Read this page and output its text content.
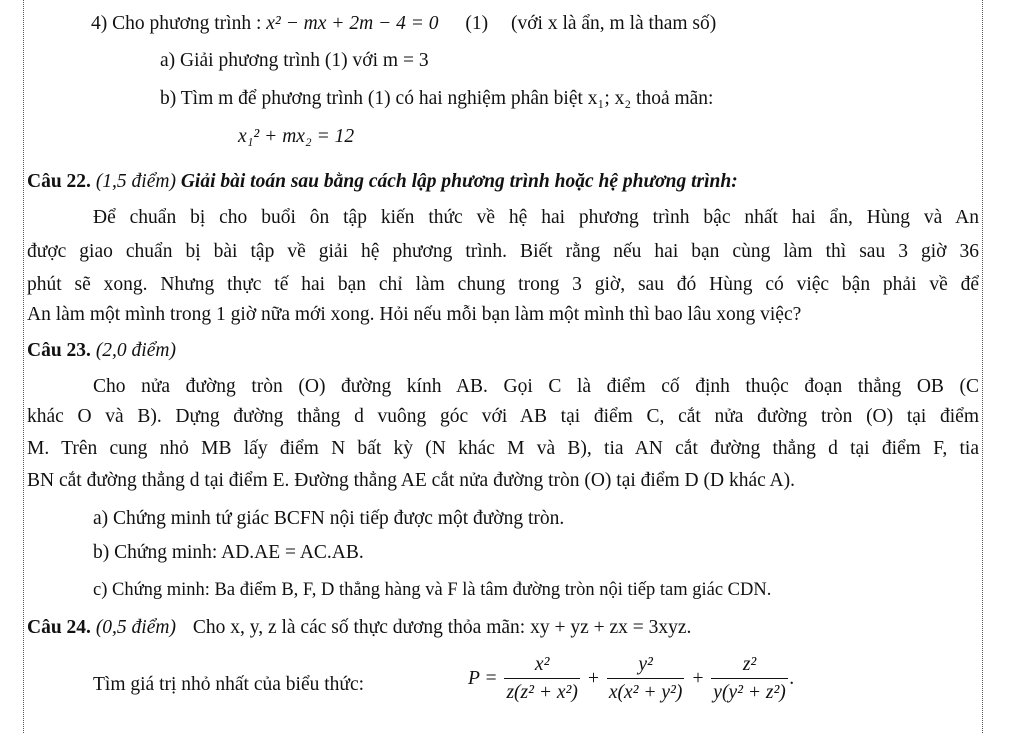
4) Cho phương trình : x² − mx + 2m − 4 = 0 (1) (với x là ẩn, m là tham số)
a) Giải phương trình (1) với m = 3
b) Tìm m để phương trình (1) có hai nghiệm phân biệt x₁; x₂ thoả mãn:
x₁² + mx₂ = 12
Câu 22. (1,5 điểm) Giải bài toán sau bằng cách lập phương trình hoặc hệ phương trình:
Để chuẩn bị cho buổi ôn tập kiến thức về hệ hai phương trình bậc nhất hai ẩn, Hùng và An
được giao chuẩn bị bài tập về giải hệ phương trình. Biết rằng nếu hai bạn cùng làm thì sau 3 giờ 36
phút sẽ xong. Nhưng thực tế hai bạn chỉ làm chung trong 3 giờ, sau đó Hùng có việc bận phải về để
An làm một mình trong 1 giờ nữa mới xong. Hỏi nếu mỗi bạn làm một mình thì bao lâu xong việc?
Câu 23. (2,0 điểm)
Cho nửa đường tròn (O) đường kính AB. Gọi C là điểm cố định thuộc đoạn thẳng OB (C
khác O và B). Dựng đường thẳng d vuông góc với AB tại điểm C, cắt nửa đường tròn (O) tại điểm
M. Trên cung nhỏ MB lấy điểm N bất kỳ (N khác M và B), tia AN cắt đường thẳng d tại điểm F, tia
BN cắt đường thẳng d tại điểm E. Đường thẳng AE cắt nửa đường tròn (O) tại điểm D (D khác A).
a) Chứng minh tứ giác BCFN nội tiếp được một đường tròn.
b) Chứng minh: AD.AE = AC.AB.
c) Chứng minh: Ba điểm B, F, D thẳng hàng và F là tâm đường tròn nội tiếp tam giác CDN.
Câu 24. (0,5 điểm) Cho x, y, z là các số thực dương thỏa mãn: xy + yz + zx = 3xyz.
Tìm giá trị nhỏ nhất của biểu thức:	$P = \frac{\text{x²}}{\text{z(z² + x²)}} + \frac{\text{y²}}{\text{x(x² + y²)}} + \frac{\text{z²}}{\text{y(y² + z²)}}$ .
